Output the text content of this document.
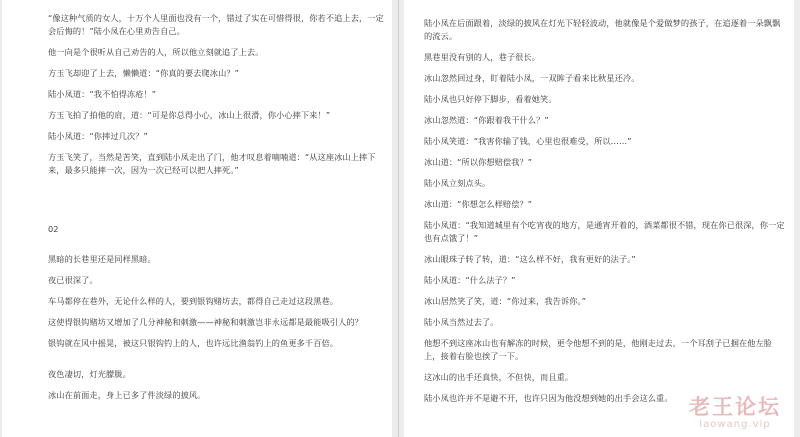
“像这种气质的女人，十万个人里面也没有一个，错过了实在可惜得很，你若不追上去，一定会后悔的！”陆小凤在心里劝告自己。

他一向是个很听从自己劝告的人，所以他立刻就追了上去。

方玉飞却迎了上去，懒懒道：“你真的要去爬冰山？”

陆小凤道：“我不怕得冻疮！”

方玉飞拍了拍他的肩，道：“可是你总得小心，冰山上很滑，你小心摔下来！”

陆小凤道：“你摔过几次？”

方玉飞笑了，当然是苦笑，直到陆小凤走出了门，他才叹息着喃喃道：“从这座冰山上摔下来，最多只能摔一次，因为一次已经可以把人摔死。”

02

黑暗的长巷里还是同样黑暗。

夜已很深了。

车马都停在巷外，无论什么样的人，要到银钩赌坊去，都得自己走过这段黑巷。

这使得银钩赌坊又增加了几分神秘和刺激——神秘和刺激岂非永远都是最能吸引人的？

银钩就在风中摇晃，被这只银钩钓上的人，也许远比渔翁钓上的鱼更多千百倍。

夜色凄切，灯光朦胧。

冰山在前面走，身上已多了件淡绿的披风。

陆小凤在后面跟着，淡绿的披风在灯光下轻轻波动，他就像是个爱做梦的孩子，在追逐着一朵飘飘的流云。

黑巷里没有别的人，巷子很长。

冰山忽然回过身，盯着陆小凤，一双眸子看来比秋星还冷。

陆小凤也只好停下脚步，看着她笑。

冰山忽然道：“你跟着我干什么？”

陆小凤笑道：“我害你输了钱，心里也很难受，所以……”

冰山道：“所以你想赔偿我？”

陆小凤立刻点头。

冰山道：“你想怎么样赔偿？”

陆小凤道：“我知道城里有个吃宵夜的地方，是通宵开着的，酒菜都很不错，现在你已很深，你一定也有点饿了！”

冰山眼珠子转了转，道：“这么样不好，我有更好的法子。”

陆小凤道：“什么法子？”

冰山居然笑了笑，道：“你过来，我告诉你。”

陆小凤当然过去了。

他想不到这座冰山也有解冻的时候，更令他想不到的是，他刚走过去，一个耳刮子已掴在他左脸上，接着右脸也挨了一下。

这冰山的出手还真快，不但快，而且重。

陆小凤也许并不是避不开，也许只因为他没想到她的出手会这么重。 老王论坛
laowang.vip
